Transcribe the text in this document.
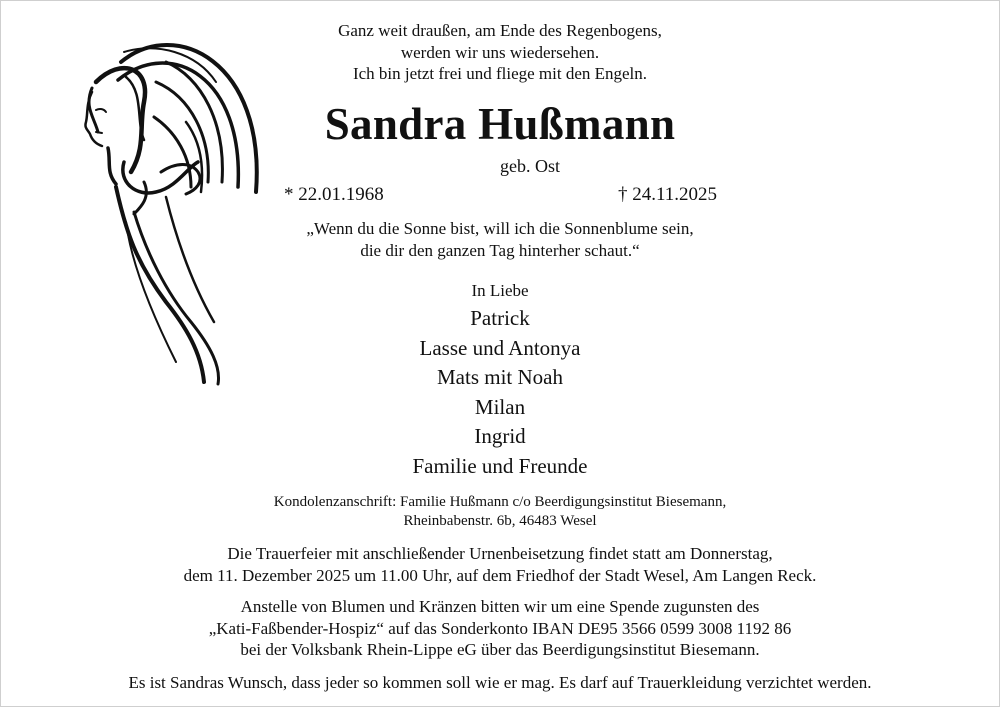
Ganz weit draußen, am Ende des Regenbogens,
werden wir uns wiedersehen.
Ich bin jetzt frei und fliege mit den Engeln.
Sandra Hußmann
geb. Ost
* 22.01.1968	† 24.11.2025
„Wenn du die Sonne bist, will ich die Sonnenblume sein,
die dir den ganzen Tag hinterher schaut.“
In Liebe
Patrick
Lasse und Antonya
Mats mit Noah
Milan
Ingrid
Familie und Freunde
Kondolenzanschrift: Familie Hußmann c/o Beerdigungsinstitut Biesemann,
Rheinbabenstr. 6b, 46483 Wesel
Die Trauerfeier mit anschließender Urnenbeisetzung findet statt am Donnerstag,
dem 11. Dezember 2025 um 11.00 Uhr, auf dem Friedhof der Stadt Wesel, Am Langen Reck.
Anstelle von Blumen und Kränzen bitten wir um eine Spende zugunsten des
„Kati-Faßbender-Hospiz“ auf das Sonderkonto IBAN DE95 3566 0599 3008 1192 86
bei der Volksbank Rhein-Lippe eG über das Beerdigungsinstitut Biesemann.
Es ist Sandras Wunsch, dass jeder so kommen soll wie er mag. Es darf auf Trauerkleidung verzichtet werden.
